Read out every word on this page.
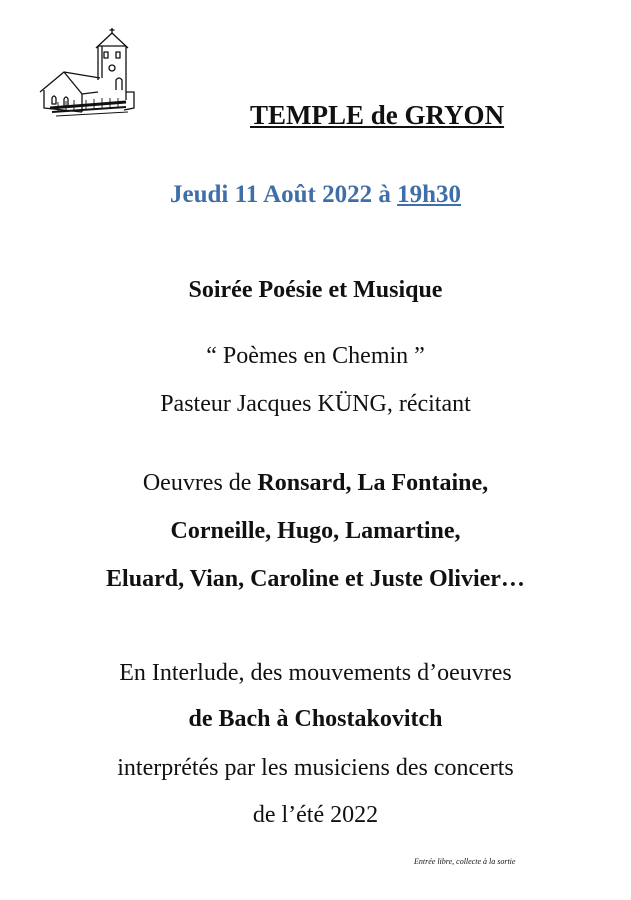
TEMPLE de GRYON
Jeudi 11 Août 2022 à 19h30
Soirée Poésie et Musique
“ Poèmes en Chemin ”
Pasteur Jacques KÜNG, récitant
Oeuvres de Ronsard, La Fontaine,
Corneille, Hugo, Lamartine,
Eluard, Vian, Caroline et Juste Olivier…
En Interlude, des mouvements d’oeuvres
de Bach à Chostakovitch
interprétés par les musiciens des concerts
de l’été 2022
Entrée libre, collecte à la sortie
